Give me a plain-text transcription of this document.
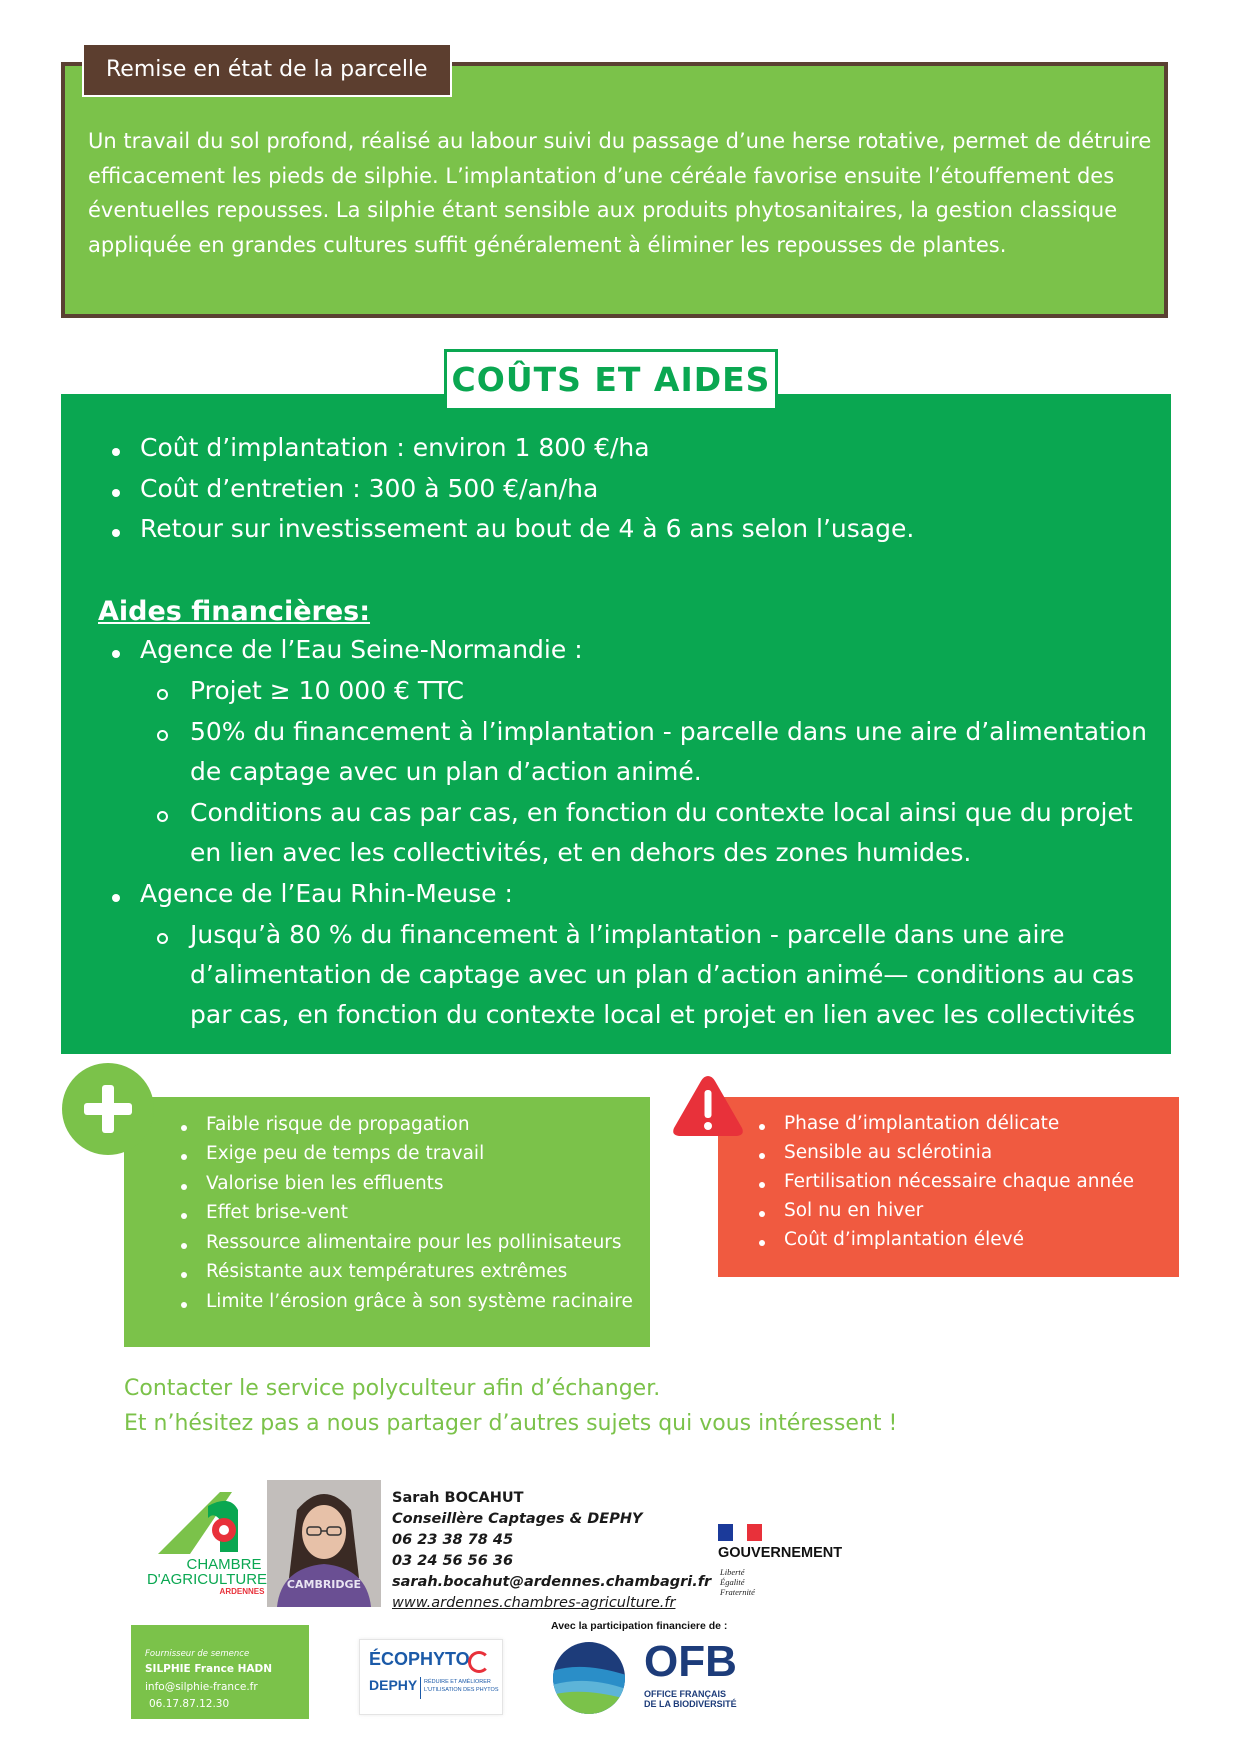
Remise en état de la parcelle

Un travail du sol profond, réalisé au labour suivi du passage d’une herse rotative, permet de détruire
efficacement les pieds de silphie. L’implantation d’une céréale favorise ensuite l’étouffement des
éventuelles repousses. La silphie étant sensible aux produits phytosanitaires, la gestion classique
appliquée en grandes cultures suffit généralement à éliminer les repousses de plantes.

COÛTS ET AIDES
Coût d’implantation : environ 1 800 €/ha
Coût d’entretien : 300 à 500 €/an/ha
Retour sur investissement au bout de 4 à 6 ans selon l’usage.
Aides financières:
Agence de l’Eau Seine-Normandie :
Projet ≥ 10 000 € TTC
50% du financement à l’implantation - parcelle dans une aire d’alimentation
de captage avec un plan d’action animé.
Conditions au cas par cas, en fonction du contexte local ainsi que du projet
en lien avec les collectivités, et en dehors des zones humides.
Agence de l’Eau Rhin-Meuse :
Jusqu’à 80 % du financement à l’implantation - parcelle dans une aire
d’alimentation de captage avec un plan d’action animé— conditions au cas
par cas, en fonction du contexte local et projet en lien avec les collectivités
Faible risque de propagation
Exige peu de temps de travail
Valorise bien les effluents
Effet brise-vent
Ressource alimentaire pour les pollinisateurs
Résistante aux températures extrêmes
Limite l’érosion grâce à son système racinaire
Phase d’implantation délicate
Sensible au sclérotinia
Fertilisation nécessaire chaque année
Sol nu en hiver
Coût d’implantation élevé
Contacter le service polyculteur afin d’échanger.
Et n’hésitez pas a nous partager d’autres sujets qui vous intéressent !
CHAMBRE
D'AGRICULTURE
ARDENNES
CAMBRIDGE
Sarah BOCAHUT
Conseillère Captages & DEPHY
06 23 38 78 45
03 24 56 56 36
sarah.bocahut@ardennes.chambagri.fr
www.ardennes.chambres-agriculture.fr
GOUVERNEMENT
Liberté
Égalité
Fraternité
Fournisseur de semence
SILPHIE France HADN
info@silphie-france.fr
06.17.87.12.30
ÉCOPHYTO
DEPHY RÉDUIRE ET AMÉLIORER
L'UTILISATION DES PHYTOS
Avec la participation financiere de :
OFB
OFFICE FRANÇAIS
DE LA BIODIVERSITÉ
